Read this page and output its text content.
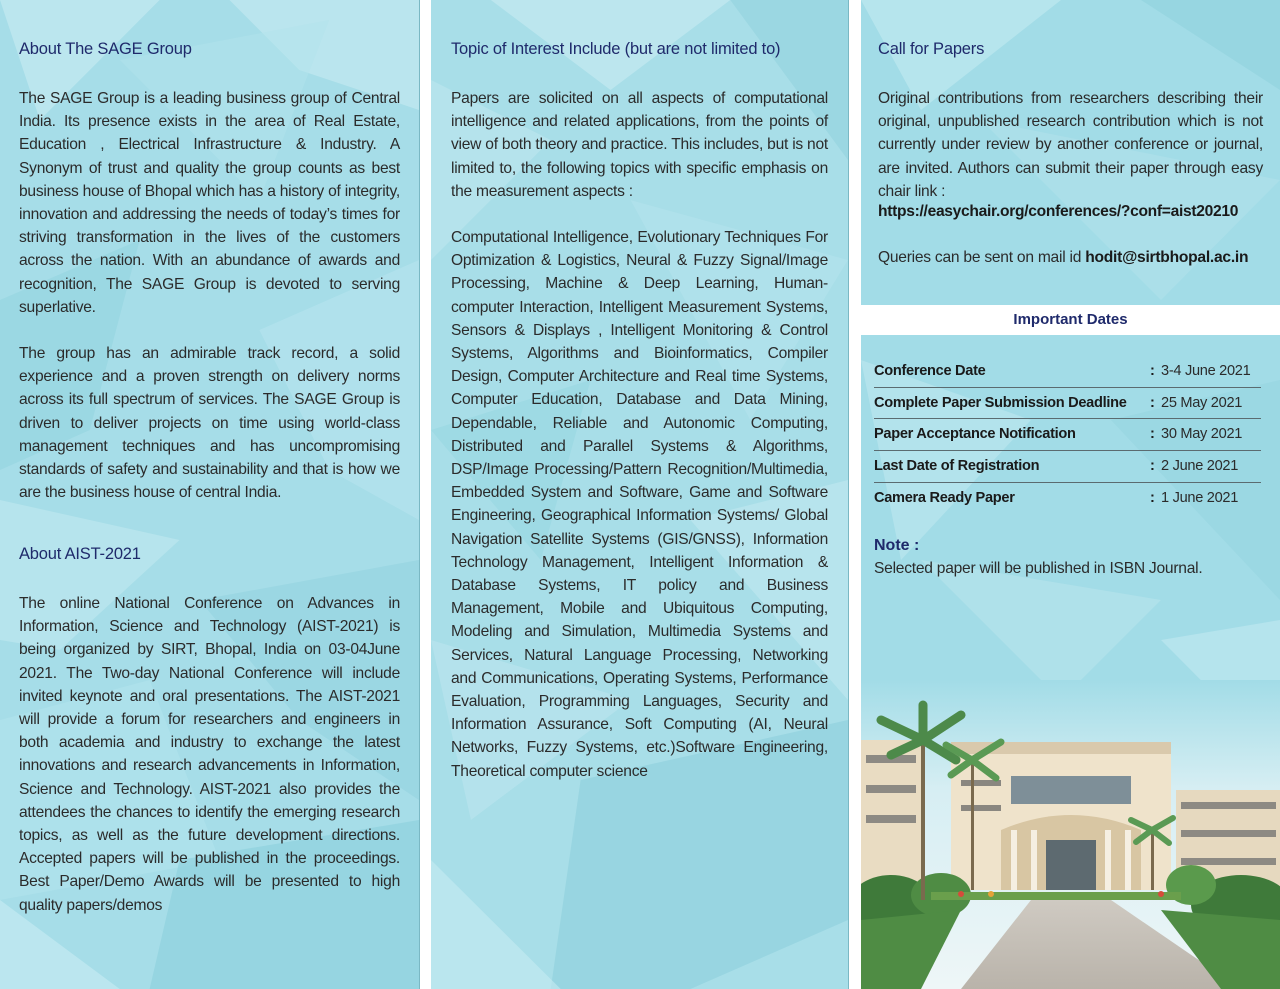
About The SAGE Group
The SAGE Group is a leading business group of Central India. Its presence exists in the area of Real Estate, Education , Electrical Infrastructure & Industry. A Synonym of trust and quality the group counts as best business house of Bhopal which has a history of integrity, innovation and addressing the needs of today’s times for striving transformation in the lives of the customers across the nation. With an abundance of awards and recognition, The SAGE Group is devoted to serving superlative.
The group has an admirable track record, a solid experience and a proven strength on delivery norms across its full spectrum of services. The SAGE Group is driven to deliver projects on time using world-class management techniques and has uncompromising standards of safety and sustainability and that is how we are the business house of central India.
About AIST-2021
The online National Conference on Advances in Information, Science and Technology (AIST-2021) is being organized by SIRT, Bhopal, India on 03-04June 2021. The Two-day National Conference will include invited keynote and oral presentations. The AIST-2021 will provide a forum for researchers and engineers in both academia and industry to exchange the latest innovations and research advancements in Information, Science and Technology. AIST-2021 also provides the attendees the chances to identify the emerging research topics, as well as the future development directions. Accepted papers will be published in the proceedings. Best Paper/Demo Awards will be presented to high quality papers/demos
Topic of Interest Include (but are not limited to)
Papers are solicited on all aspects of computational intelligence and related applications, from the points of view of both theory and practice. This includes, but is not limited to, the following topics with specific emphasis on the measurement aspects :
Computational Intelligence, Evolutionary Techniques For Optimization & Logistics, Neural & Fuzzy Signal/Image Processing, Machine & Deep Learning, Human-computer Interaction, Intelligent Measurement Systems, Sensors & Displays , Intelligent Monitoring & Control Systems, Algorithms and Bioinformatics, Compiler Design, Computer Architecture and Real time Systems, Computer Education, Database and Data Mining, Dependable, Reliable and Autonomic Computing, Distributed and Parallel Systems & Algorithms, DSP/Image Processing/Pattern Recognition/Multimedia, Embedded System and Software, Game and Software Engineering, Geographical Information Systems/ Global Navigation Satellite Systems (GIS/GNSS), Information Technology Management, Intelligent Information & Database Systems, IT policy and Business Management, Mobile and Ubiquitous Computing, Modeling and Simulation, Multimedia Systems and Services, Natural Language Processing, Networking and Communications, Operating Systems, Performance Evaluation, Programming Languages, Security and Information Assurance, Soft Computing (AI, Neural Networks, Fuzzy Systems, etc.)Software Engineering, Theoretical computer science
Call for Papers
Original contributions from researchers describing their original, unpublished research contribution which is not currently under review by another conference or journal, are invited. Authors can submit their paper through easy chair link :
https://easychair.org/conferences/?conf=aist20210
Queries can be sent on mail id hodit@sirtbhopal.ac.in
Important Dates
Conference Date	: 3-4 June 2021
Complete Paper Submission Deadline : 25 May 2021
Paper Acceptance Notification	: 30 May 2021
Last Date of Registration	: 2 June 2021
Camera Ready Paper	: 1 June 2021
Note :
Selected paper will be published in ISBN Journal.
